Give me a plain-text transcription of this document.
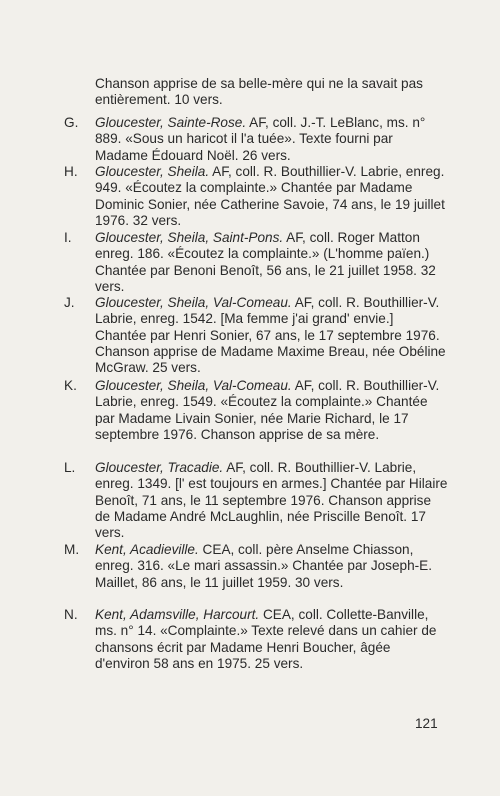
Chanson apprise de sa belle-mère qui ne la savait pas entièrement. 10 vers.
G.	Gloucester, Sainte-Rose. AF, coll. J.-T. LeBlanc, ms. n° 889. «Sous un haricot il l'a tuée». Texte fourni par Madame Édouard Noël. 26 vers.
H.	Gloucester, Sheila. AF, coll. R. Bouthillier-V. Labrie, enreg. 949. «Écoutez la complainte.» Chantée par Madame Dominic Sonier, née Catherine Savoie, 74 ans, le 19 juillet 1976. 32 vers.
I.	Gloucester, Sheila, Saint-Pons. AF, coll. Roger Matton enreg. 186. «Écoutez la complainte.» (L'homme païen.) Chantée par Benoni Benoît, 56 ans, le 21 juillet 1958. 32 vers.
J.	Gloucester, Sheila, Val-Comeau. AF, coll. R. Bouthillier-V. Labrie, enreg. 1542. [Ma femme j'ai grand' envie.] Chantée par Henri Sonier, 67 ans, le 17 septembre 1976. Chanson apprise de Madame Maxime Breau, née Obéline McGraw. 25 vers.
K.	Gloucester, Sheila, Val-Comeau. AF, coll. R. Bouthillier-V. Labrie, enreg. 1549. «Écoutez la complainte.» Chantée par Madame Livain Sonier, née Marie Richard, le 17 septembre 1976. Chanson apprise de sa mère.
L.	Gloucester, Tracadie. AF, coll. R. Bouthillier-V. Labrie, enreg. 1349. [l' est toujours en armes.] Chantée par Hilaire Benoît, 71 ans, le 11 septembre 1976. Chanson apprise de Madame André McLaughlin, née Priscille Benoît. 17 vers.
M.	Kent, Acadieville. CEA, coll. père Anselme Chiasson, enreg. 316. «Le mari assassin.» Chantée par Joseph-E. Maillet, 86 ans, le 11 juillet 1959. 30 vers.
N.	Kent, Adamsville, Harcourt. CEA, coll. Collette-Banville, ms. n° 14. «Complainte.» Texte relevé dans un cahier de chansons écrit par Madame Henri Boucher, âgée d'environ 58 ans en 1975. 25 vers.
121
